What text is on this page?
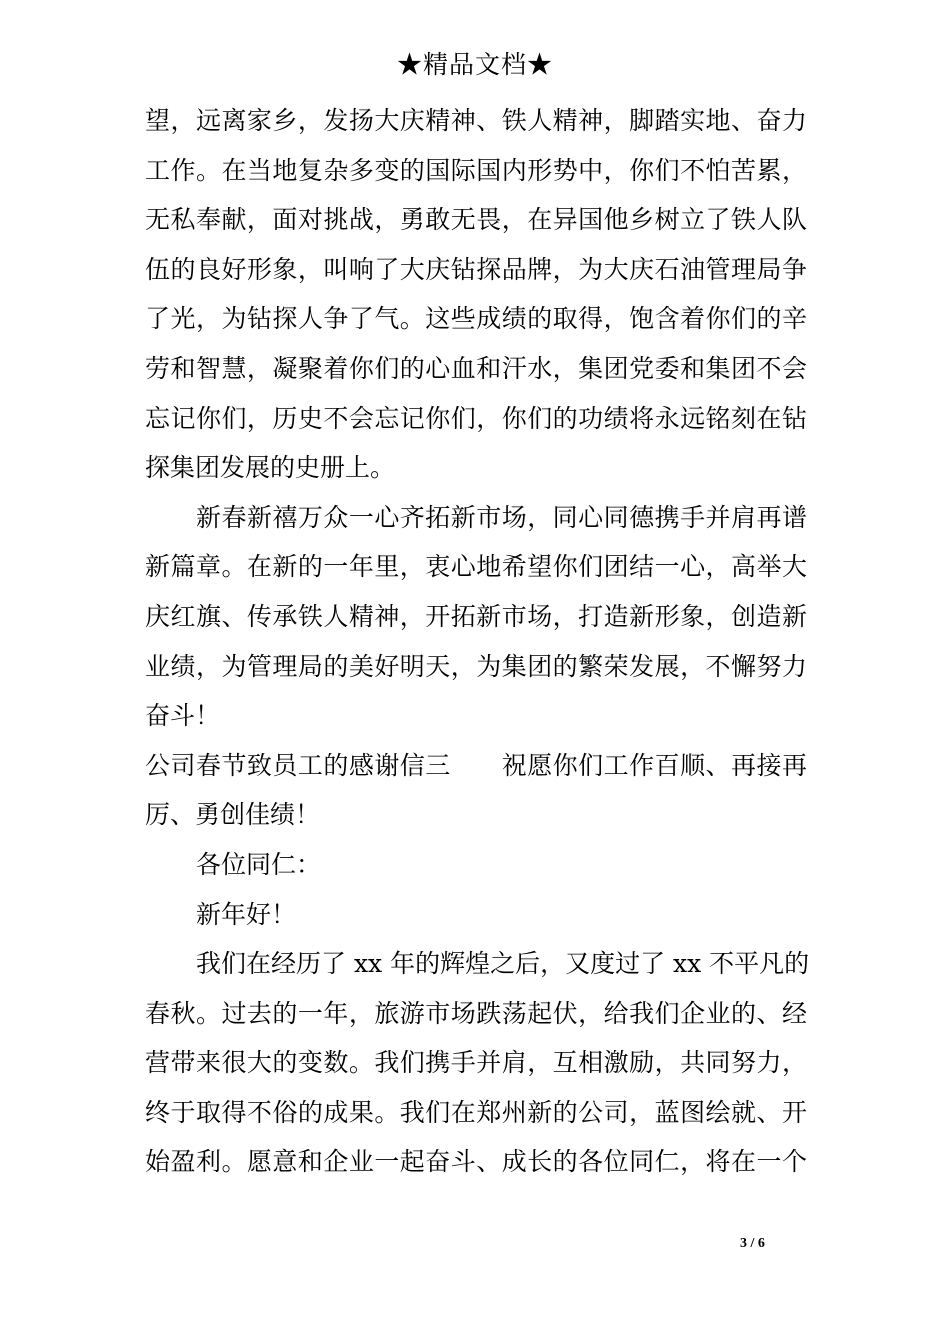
★精品文档★
望，远离家乡，发扬大庆精神、铁人精神，脚踏实地、奋力
工作。在当地复杂多变的国际国内形势中，你们不怕苦累，
无私奉献，面对挑战，勇敢无畏，在异国他乡树立了铁人队
伍的良好形象，叫响了大庆钻探品牌，为大庆石油管理局争
了光，为钻探人争了气。这些成绩的取得，饱含着你们的辛
劳和智慧，凝聚着你们的心血和汗水，集团党委和集团不会
忘记你们，历史不会忘记你们，你们的功绩将永远铭刻在钻
探集团发展的史册上。
新春新禧万众一心齐拓新市场，同心同德携手并肩再谱
新篇章。在新的一年里，衷心地希望你们团结一心，高举大
庆红旗、传承铁人精神，开拓新市场，打造新形象，创造新
业绩，为管理局的美好明天，为集团的繁荣发展，不懈努力
奋斗！
公司春节致员工的感谢信三　　祝愿你们工作百顺、再接再
厉、勇创佳绩！
各位同仁：
新年好！
我们在经历了 xx 年的辉煌之后，又度过了 xx 不平凡的
春秋。过去的一年，旅游市场跌荡起伏，给我们企业的、经
营带来很大的变数。我们携手并肩，互相激励，共同努力，
终于取得不俗的成果。我们在郑州新的公司，蓝图绘就、开
始盈利。愿意和企业一起奋斗、成长的各位同仁，将在一个
3 / 6
